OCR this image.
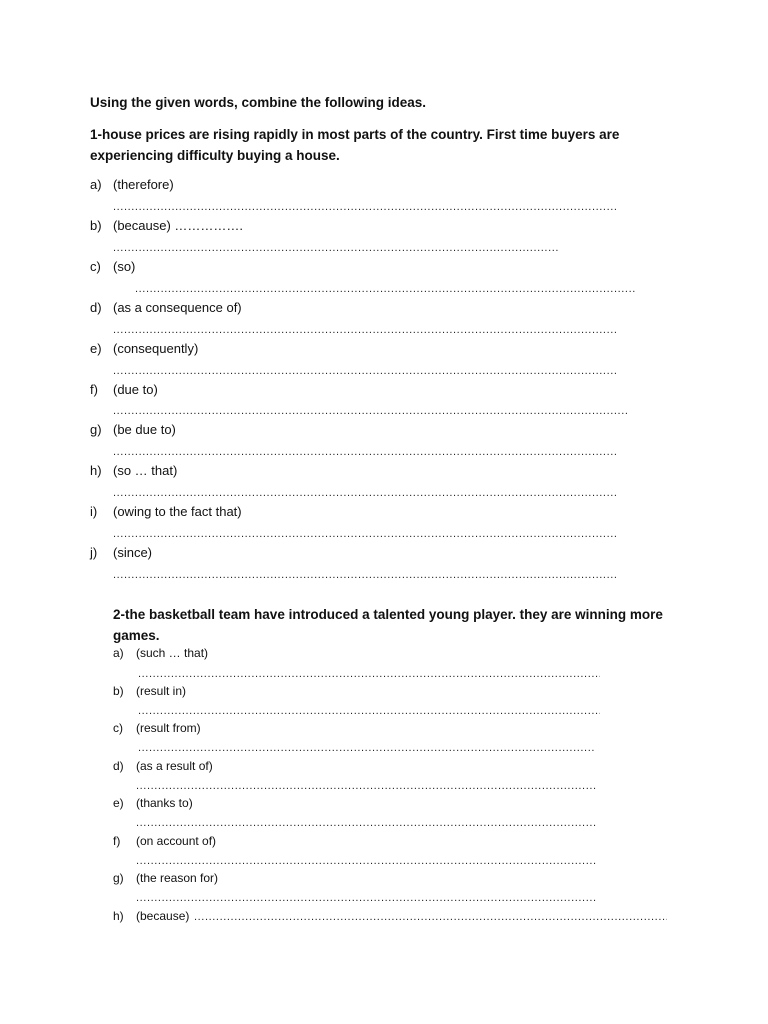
Using the given words, combine the following ideas.
1-house prices are rising rapidly in most parts of the country. First time buyers are experiencing difficulty buying a house.
a) (therefore)
.....
b) (because) …………….
.....
c) (so)
.....
d) (as a consequence of)
.....
e) (consequently)
.....
f) (due to)
.....
g) (be due to)
.....
h) (so … that)
.....
i) (owing to the fact that)
.....
j) (since)
.....
2-the basketball team have introduced a talented young player. they are winning more games.
a) (such … that)
.....
b) (result in)
.....
c) (result from)
.....
d) (as a result of)
.....
e) (thanks to)
.....
f) (on account of)
.....
g) (the reason for)
.....
h) (because)
.....
